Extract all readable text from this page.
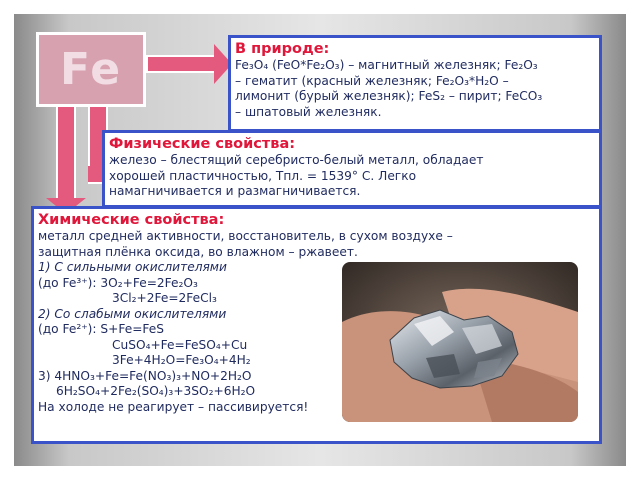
Fe	В природе:
Fe₃O₄ (FeO*Fe₂O₃) – магнитный железняк; Fe₂O₃
– гематит (красный железняк; Fe₂O₃*H₂O –
лимонит (бурый железняк); FeS₂ – пирит; FeCO₃
– шпатовый железняк.
Физические свойства:
железо – блестящий серебристо-белый металл, обладает
хорошей пластичностью, Тпл. = 1539° С. Легко
намагничивается и размагничивается.
Химические свойства:
металл средней активности, восстановитель, в сухом воздухе –
защитная плёнка оксида, во влажном – ржавеет.
1) С сильными окислителями
(до Fe³⁺): 3O₂+Fe=2Fe₂O₃
3Cl₂+2Fe=2FeCl₃
2) Со слабыми окислителями
(до Fe²⁺): S+Fe=FeS
CuSO₄+Fe=FeSO₄+Cu
3Fe+4H₂O=Fe₃O₄+4H₂
3) 4HNO₃+Fe=Fe(NO₃)₃+NO+2H₂O
6H₂SO₄+2Fe₂(SO₄)₃+3SO₂+6H₂O
На холоде не реагирует – пассивируется!
